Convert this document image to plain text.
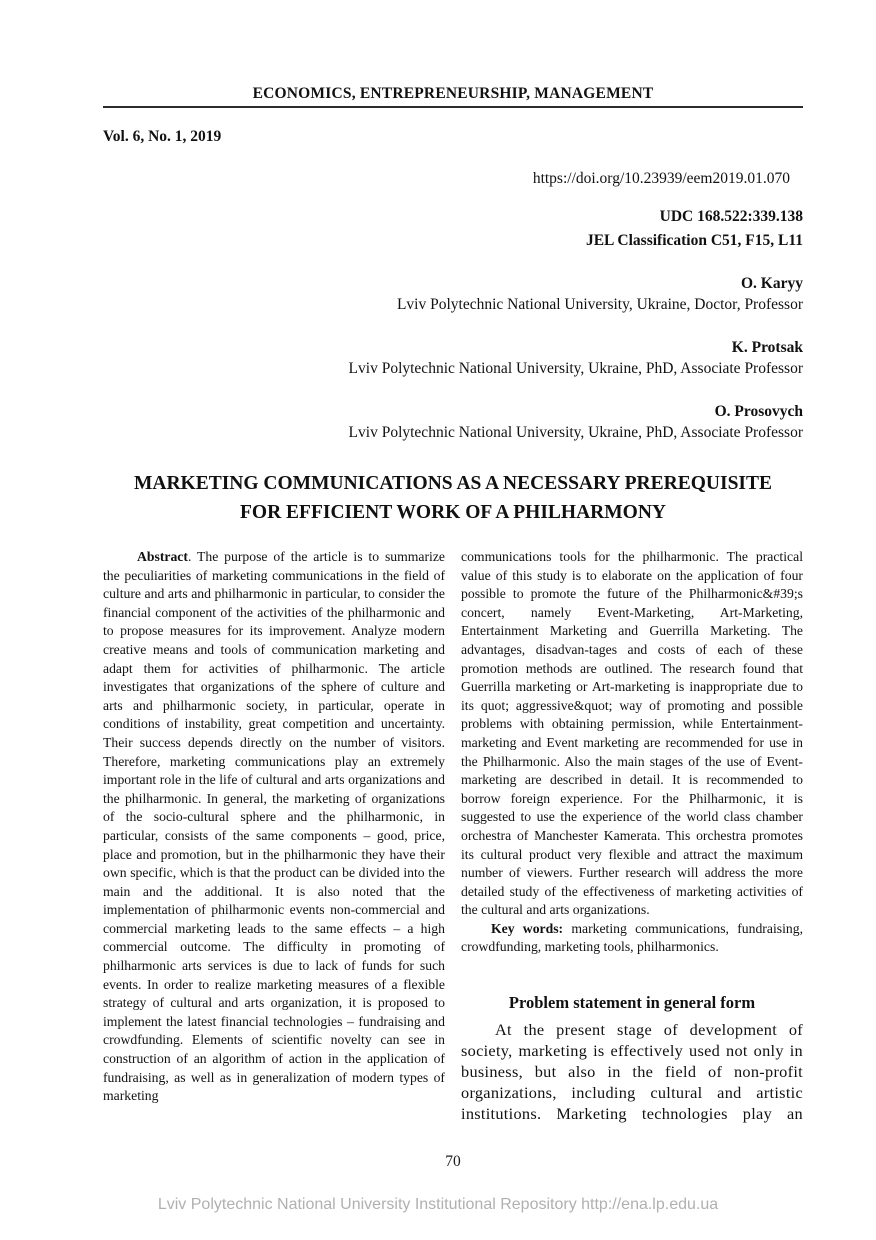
ECONOMICS, ENTREPRENEURSHIP, MANAGEMENT
Vol. 6, No. 1, 2019
https://doi.org/10.23939/eem2019.01.070
UDC 168.522:339.138
JEL Classification C51, F15, L11
O. Karyy
Lviv Polytechnic National University, Ukraine, Doctor, Professor
K. Protsak
Lviv Polytechnic National University, Ukraine, PhD, Associate Professor
O. Prosovych
Lviv Polytechnic National University, Ukraine, PhD, Associate Professor
MARKETING COMMUNICATIONS AS A NECESSARY PREREQUISITE
FOR EFFICIENT WORK OF A PHILHARMONY

Abstract. The purpose of the article is to summarize the peculiarities of marketing communications in the field of culture and arts and philharmonic in particular, to consider the financial component of the activities of the philharmonic and to propose measures for its improvement. Analyze modern creative means and tools of communication marketing and adapt them for activities of philharmonic. The article investigates that organizations of the sphere of culture and arts and philharmonic society, in particular, operate in conditions of instability, great competition and uncertainty. Their success depends directly on the number of visitors. Therefore, marketing communications play an extremely important role in the life of cultural and arts organizations and the philharmonic. In general, the marketing of organizations of the socio-cultural sphere and the philharmonic, in particular, consists of the same components – good, price, place and promotion, but in the philharmonic they have their own specific, which is that the product can be divided into the main and the additional. It is also noted that the implementation of philharmonic events non-commercial and commercial marketing leads to the same effects – a high commercial outcome. The difficulty in promoting of philharmonic arts services is due to lack of funds for such events. In order to realize marketing measures of a flexible strategy of cultural and arts organization, it is proposed to implement the latest financial technologies – fundraising and crowdfunding. Elements of scientific novelty can see in construction of an algorithm of action in the application of fundraising, as well as in generalization of modern types of marketing

communications tools for the philharmonic. The practical value of this study is to elaborate on the application of four possible to promote the future of the Philharmonic&#39;s concert, namely Event-Marketing, Art-Marketing, Entertainment Marketing and Guerrilla Marketing. The advantages, disadvan-tages and costs of each of these promotion methods are outlined. The research found that Guerrilla marketing or Art-marketing is inappropriate due to its quot; aggressive&quot; way of promoting and possible problems with obtaining permission, while Entertainment-marketing and Event marketing are recommended for use in the Philharmonic. Also the main stages of the use of Event-marketing are described in detail. It is recommended to borrow foreign experience. For the Philharmonic, it is suggested to use the experience of the world class chamber orchestra of Manchester Kamerata. This orchestra promotes its cultural product very flexible and attract the maximum number of viewers. Further research will address the more detailed study of the effectiveness of marketing activities of the cultural and arts organizations.

Key words: marketing communications, fundraising, crowdfunding, marketing tools, philharmonics.

Problem statement in general form

At the present stage of development of society, marketing is effectively used not only in business, but also in the field of non-profit organizations, including cultural and artistic institutions. Marketing technologies play an

70
Lviv Polytechnic National University Institutional Repository http://ena.lp.edu.ua
